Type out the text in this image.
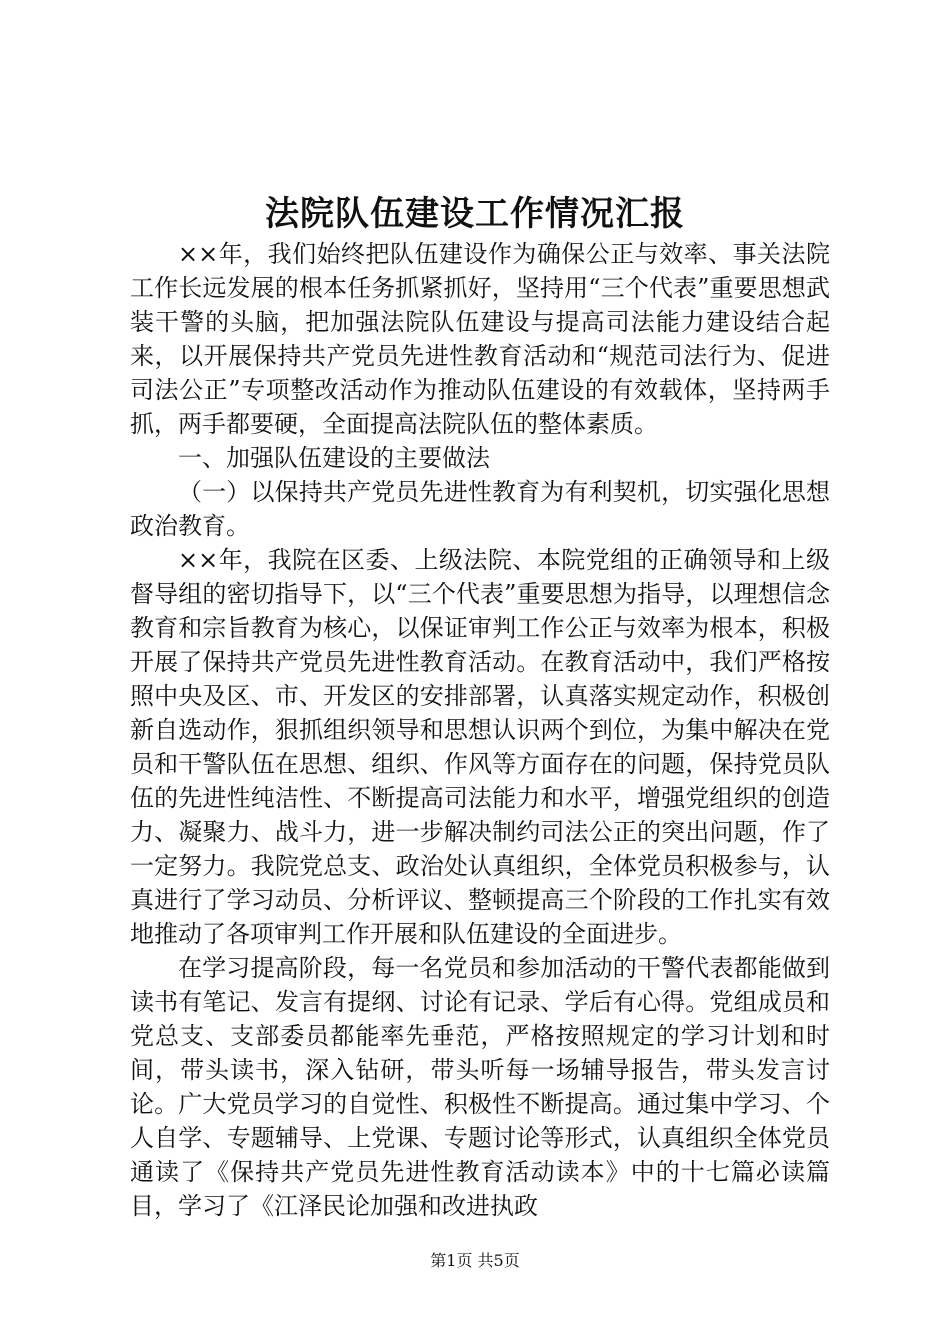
法院队伍建设工作情况汇报

××年，我们始终把队伍建设作为确保公正与效率、事关法院工作长远发展的根本任务抓紧抓好，坚持用“三个代表”重要思想武装干警的头脑，把加强法院队伍建设与提高司法能力建设结合起来，以开展保持共产党员先进性教育活动和“规范司法行为、促进司法公正”专项整改活动作为推动队伍建设的有效载体，坚持两手抓，两手都要硬，全面提高法院队伍的整体素质。

一、加强队伍建设的主要做法

（一）以保持共产党员先进性教育为有利契机，切实强化思想政治教育。

××年，我院在区委、上级法院、本院党组的正确领导和上级督导组的密切指导下，以“三个代表”重要思想为指导，以理想信念教育和宗旨教育为核心，以保证审判工作公正与效率为根本，积极开展了保持共产党员先进性教育活动。在教育活动中，我们严格按照中央及区、市、开发区的安排部署，认真落实规定动作，积极创新自选动作，狠抓组织领导和思想认识两个到位，为集中解决在党员和干警队伍在思想、组织、作风等方面存在的问题，保持党员队伍的先进性纯洁性、不断提高司法能力和水平，增强党组织的创造力、凝聚力、战斗力，进一步解决制约司法公正的突出问题，作了一定努力。我院党总支、政治处认真组织，全体党员积极参与，认真进行了学习动员、分析评议、整顿提高三个阶段的工作扎实有效地推动了各项审判工作开展和队伍建设的全面进步。

在学习提高阶段，每一名党员和参加活动的干警代表都能做到读书有笔记、发言有提纲、讨论有记录、学后有心得。党组成员和党总支、支部委员都能率先垂范，严格按照规定的学习计划和时间，带头读书，深入钻研，带头听每一场辅导报告，带头发言讨论。广大党员学习的自觉性、积极性不断提高。通过集中学习、个人自学、专题辅导、上党课、专题讨论等形式，认真组织全体党员通读了《保持共产党员先进性教育活动读本》中的十七篇必读篇目，学习了《江泽民论加强和改进执政

第1页 共5页
